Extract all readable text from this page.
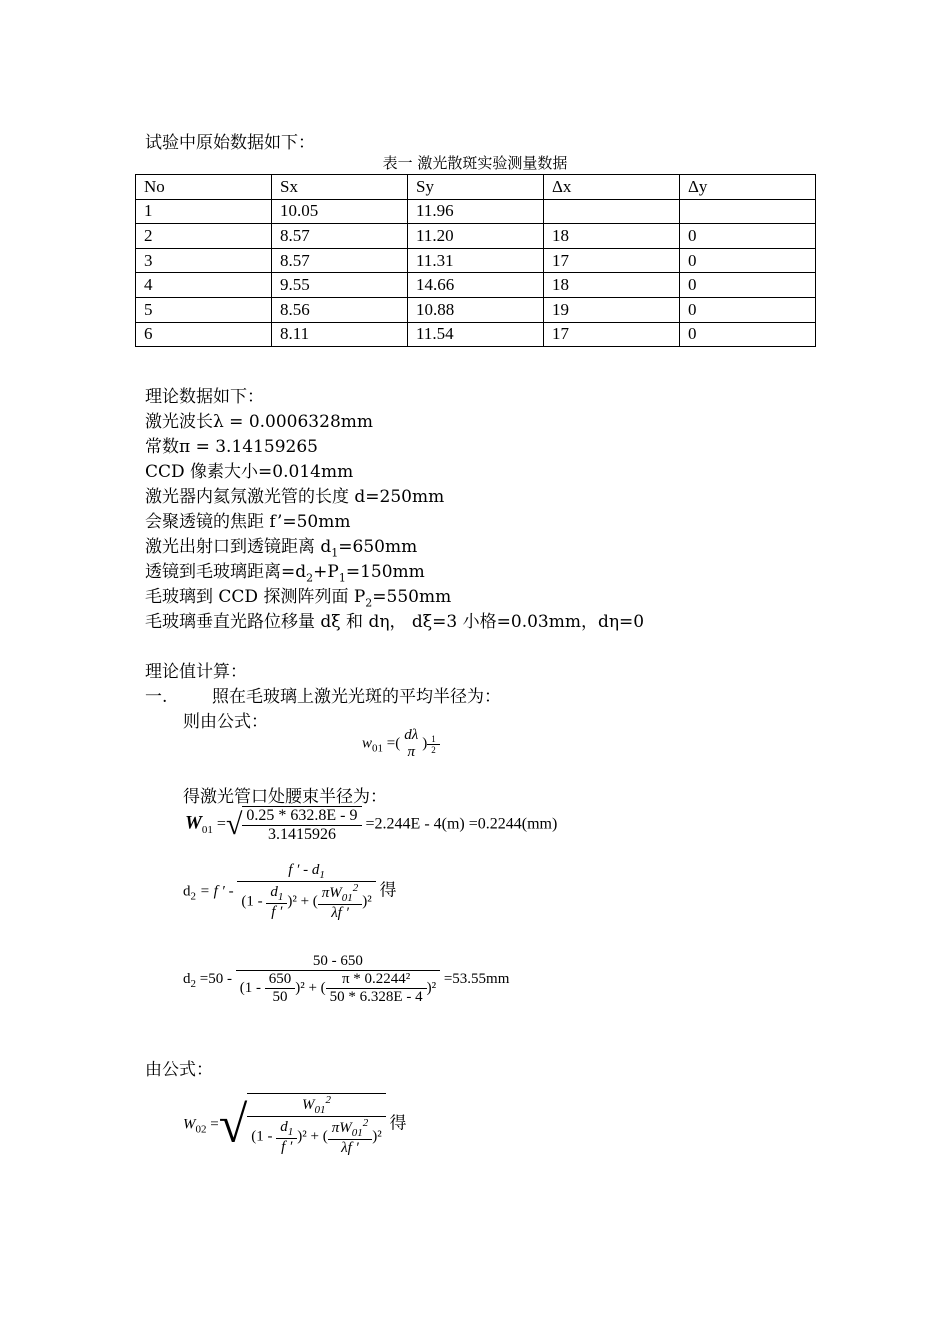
试验中原始数据如下：
表一 激光散斑实验测量数据
No	Sx	Sy	Δx	Δy
1	10.05	11.96		
2	8.57	11.20	18	0
3	8.57	11.31	17	0
4	9.55	14.66	18	0
5	8.56	10.88	19	0
6	8.11	11.54	17	0
理论数据如下：
激光波长λ = 0.0006328mm
常数π = 3.14159265
CCD 像素大小=0.014mm
激光器内氦氖激光管的长度 d=250mm
会聚透镜的焦距 f’=50mm
激光出射口到透镜距离 $d_1=650mm$
透镜到毛玻璃距离$=d_2+P_1=150mm$
毛玻璃到 CCD 探测阵列面 $P_2=550mm$
毛玻璃垂直光路位移量 dξ 和 dη， dξ=3 小格=0.03mm，dη=0
理论值计算：
一.	照在毛玻璃上激光光斑的平均半径为：
则由公式：
$w_{01}$ =(
dλ
π
) $\frac{1}{2}$
得激光管口处腰束半径为：
$W_{01}$ =√ $\frac{0.25 * 632.8E - 9}{3.1415926} =2.244E - 4(m) =0.2244(mm)$
$d_2 = f$ ′ - $\frac{f ' - d_1}{(1 - \frac{d_1}{f '} )^2 + ( \frac{\pi W_{01}^2}{\lambda f '} )^2}$ 得
$d_2 =50 - \frac{50 - 650}{(1 - \frac{650}{50} )^2 + ( \frac{\text{π * 0.2244²}}{50 * 6.328E - 4} )^2} =53.55mm$
由公式：
$W_{02}$ =√ $\frac{W_{01}^2}{(1 - \frac{d_1}{f '} )^2 + ( \frac{\pi W_{01}^2}{\lambda f '} )^2}$ 得
